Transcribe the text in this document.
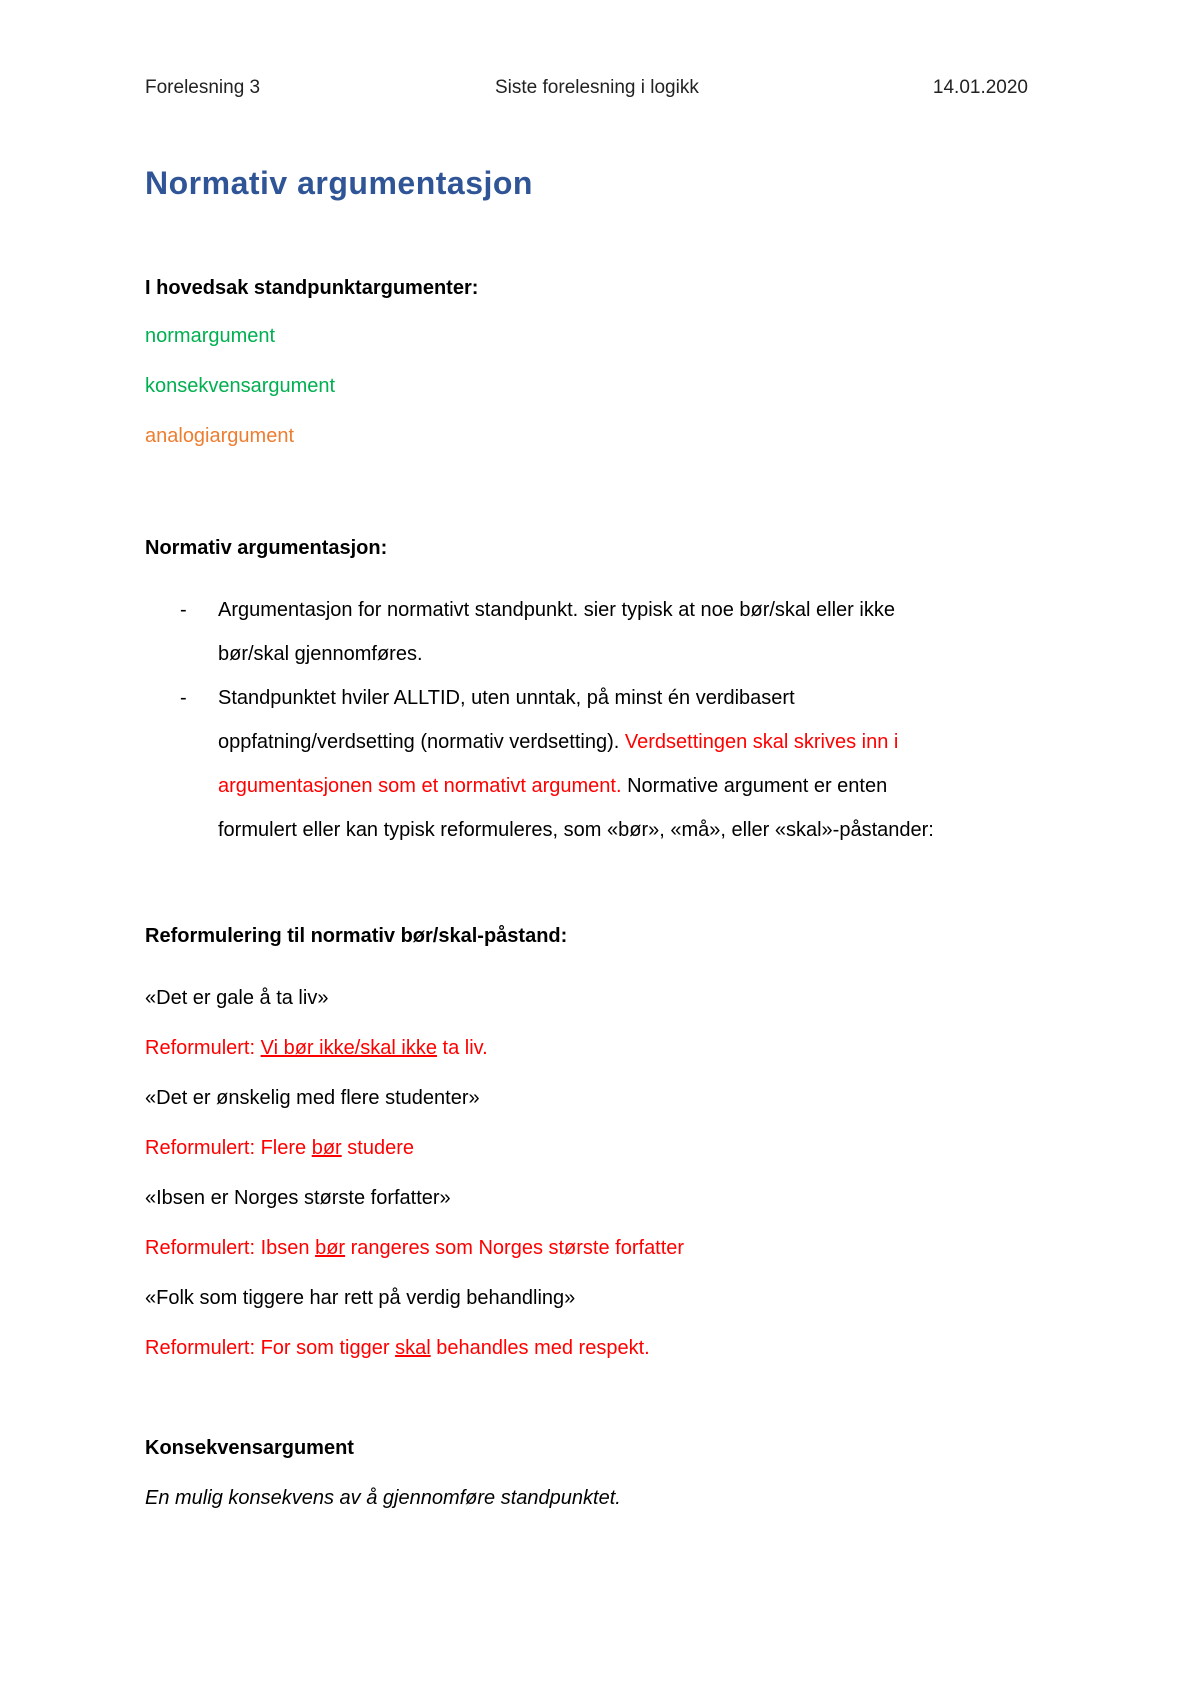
Forelesning 3	Siste forelesning i logikk	14.01.2020
Normativ argumentasjon
I hovedsak standpunktargumenter:
normargument
konsekvensargument
analogiargument
Normativ argumentasjon:
- Argumentasjon for normativt standpunkt. sier typisk at noe bør/skal eller ikke
bør/skal gjennomføres.
- Standpunktet hviler ALLTID, uten unntak, på minst én verdibasert
oppfatning/verdsetting (normativ verdsetting). Verdsettingen skal skrives inn i
argumentasjonen som et normativt argument. Normative argument er enten
formulert eller kan typisk reformuleres, som «bør», «må», eller «skal»-påstander:
Reformulering til normativ bør/skal-påstand:
«Det er gale å ta liv»
Reformulert: Vi bør ikke/skal ikke ta liv.
«Det er ønskelig med flere studenter»
Reformulert: Flere bør studere
«Ibsen er Norges største forfatter»
Reformulert: Ibsen bør rangeres som Norges største forfatter
«Folk som tiggere har rett på verdig behandling»
Reformulert: For som tigger skal behandles med respekt.
Konsekvensargument
En mulig konsekvens av å gjennomføre standpunktet.
